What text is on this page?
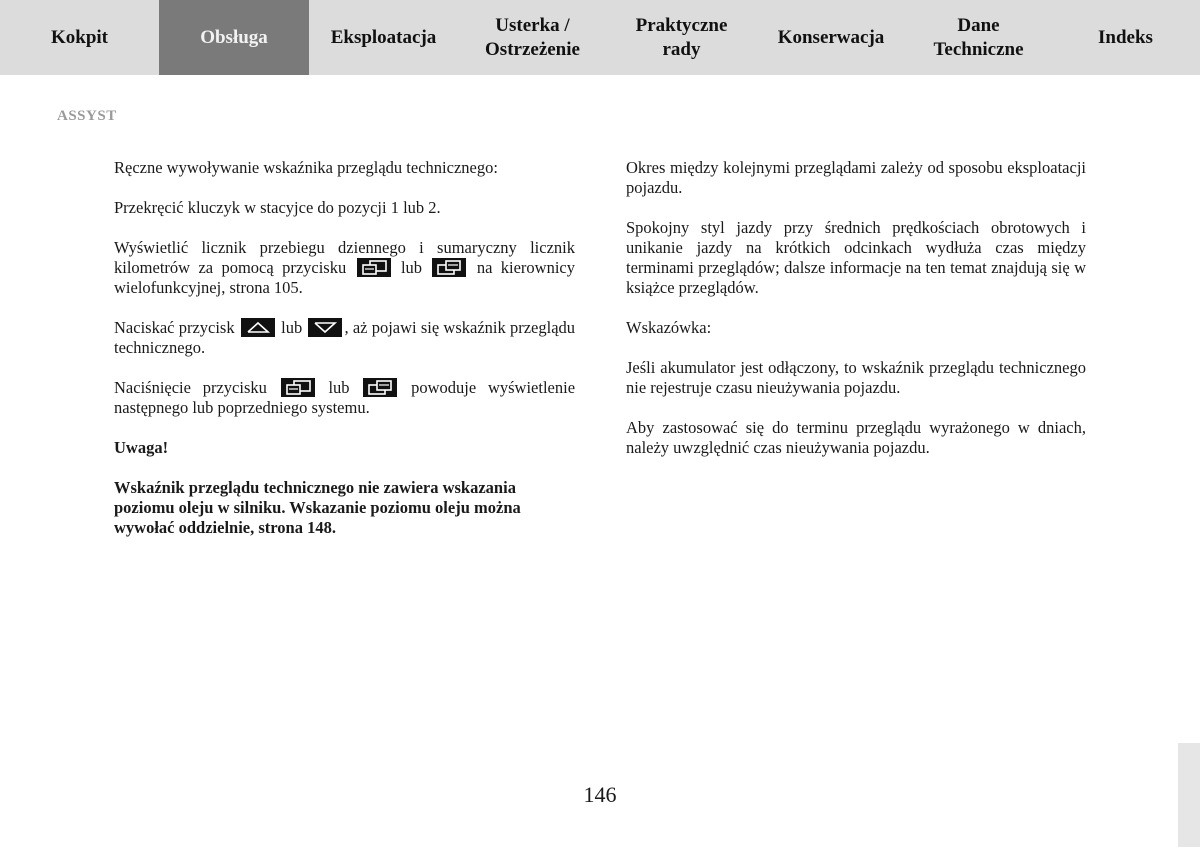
Kokpit	Obsługa	Eksploatacja
Usterka /
Ostrzeżenie
Praktyczne
rady
Konserwacja
Dane
Techniczne
Indeks
ASSYST

Ręczne wywoływanie wskaźnika przeglądu technicznego:

Przekręcić kluczyk w stacyjce do pozycji 1 lub 2.

Wyświetlić licznik przebiegu dziennego i sumaryczny licznik kilometrów za pomocą przycisku	lub	na kierownicy wielofunkcyjnej, strona 105.

Naciskać przycisk	lub	, aż pojawi się wskaźnik przeglądu technicznego.

Naciśnięcie przycisku	lub	powoduje wyświetlenie następnego lub poprzedniego systemu.

Uwaga!

Wskaźnik przeglądu technicznego nie zawiera wskazania poziomu oleju w silniku. Wskazanie poziomu oleju można wywołać oddzielnie, strona 148.

Okres między kolejnymi przeglądami zależy od sposobu eksploatacji pojazdu.

Spokojny styl jazdy przy średnich prędkościach obrotowych i unikanie jazdy na krótkich odcinkach wydłuża czas między terminami przeglądów; dalsze informacje na ten temat znajdują się w książce przeglądów.

Wskazówka:

Jeśli akumulator jest odłączony, to wskaźnik przeglądu technicznego nie rejestruje czasu nieużywania pojazdu.

Aby zastosować się do terminu przeglądu wyrażonego w dniach, należy uwzględnić czas nieużywania pojazdu.

146
